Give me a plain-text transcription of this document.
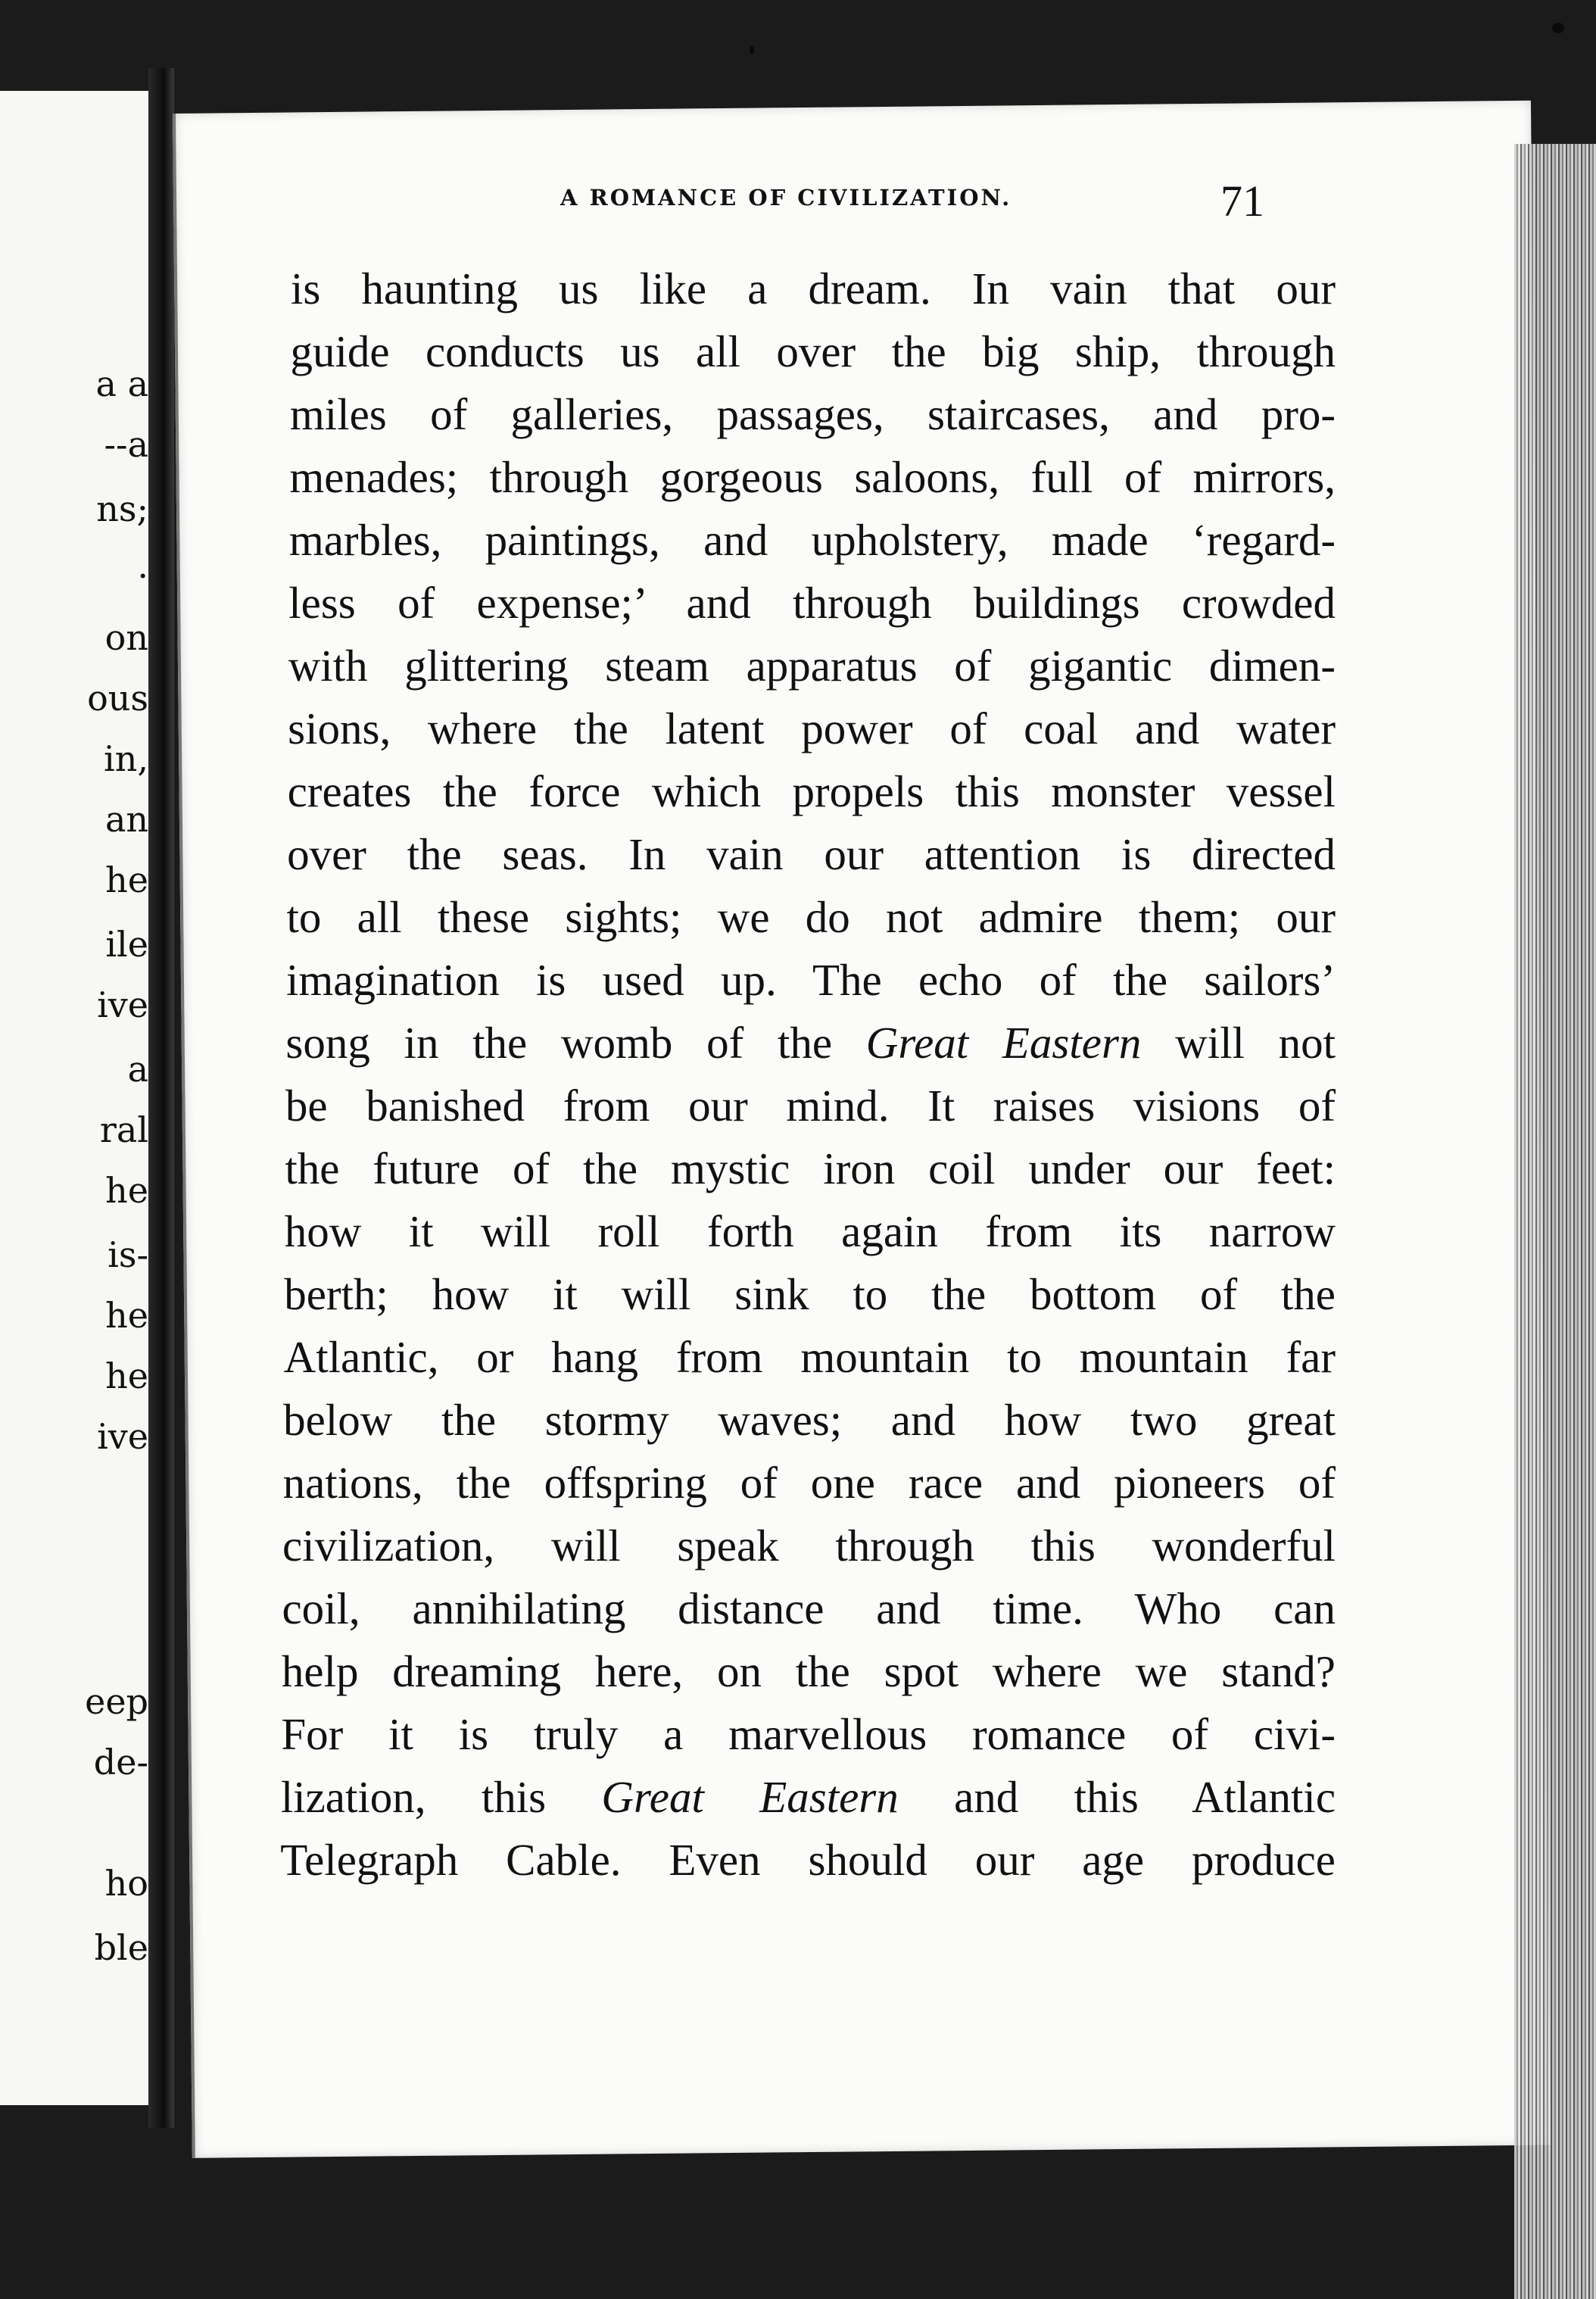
a a
--a
ns;
.
on
ous
in,
an
he
ile
ive
a
ral
he
is-
he
he
ive
eep
de-
ho
ble
A ROMANCE OF CIVILIZATION.	71
is haunting us like a dream. In vain that our
guide conducts us all over the big ship, through
miles of galleries, passages, staircases, and pro-
menades; through gorgeous saloons, full of mirrors,
marbles, paintings, and upholstery, made ‘regard-
less of expense;’ and through buildings crowded
with glittering steam apparatus of gigantic dimen-
sions, where the latent power of coal and water
creates the force which propels this monster vessel
over the seas. In vain our attention is directed
to all these sights; we do not admire them; our
imagination is used up. The echo of the sailors’
song in the womb of the Great Eastern will not
be banished from our mind. It raises visions of
the future of the mystic iron coil under our feet:
how it will roll forth again from its narrow
berth; how it will sink to the bottom of the
Atlantic, or hang from mountain to mountain far
below the stormy waves; and how two great
nations, the offspring of one race and pioneers of
civilization, will speak through this wonderful
coil, annihilating distance and time. Who can
help dreaming here, on the spot where we stand?
For it is truly a marvellous romance of civi-
lization, this Great Eastern and this Atlantic
Telegraph Cable. Even should our age produce
